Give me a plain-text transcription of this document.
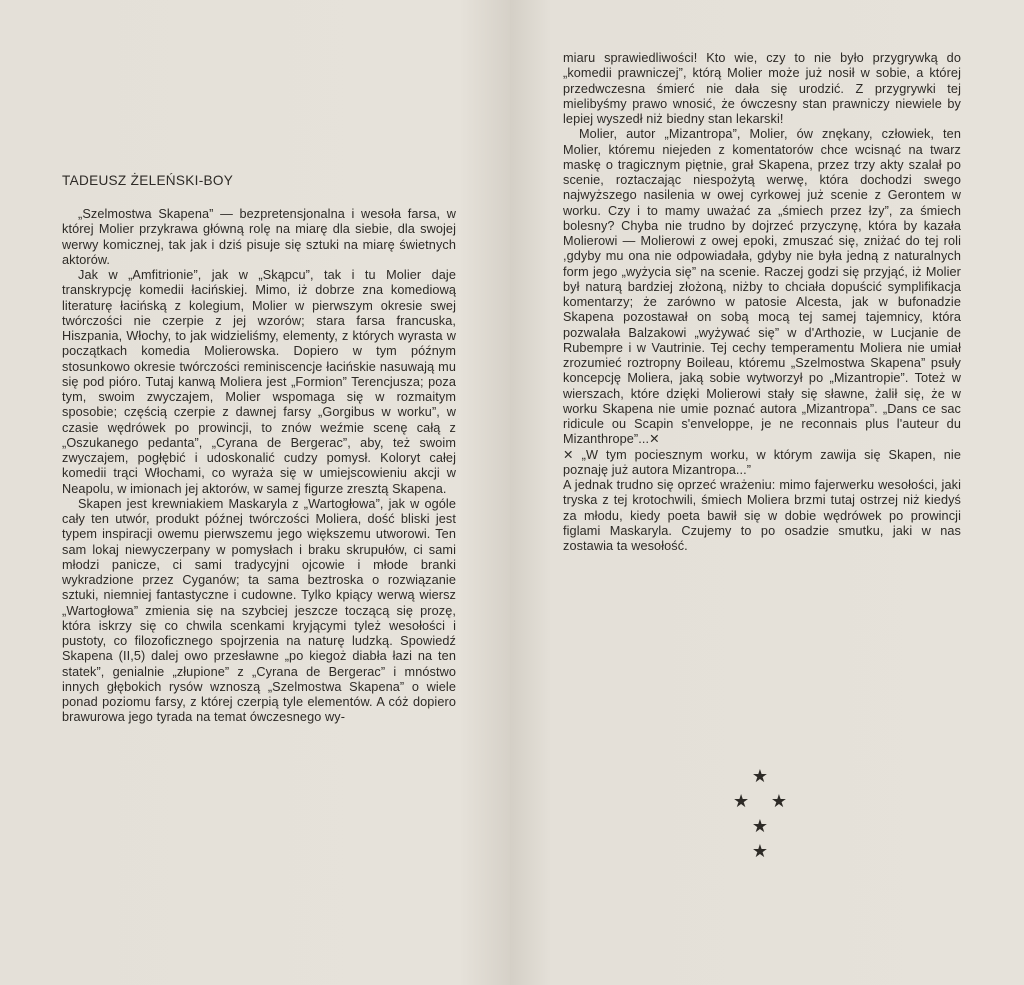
TADEUSZ ŻELEŃSKI-BOY

„Szelmostwa Skapena” — bezpretensjonalna i wesoła farsa, w której Molier przykrawa główną rolę na miarę dla siebie, dla swojej werwy komicznej, tak jak i dziś pisuje się sztuki na miarę świetnych aktorów.

Jak w „Amfitrionie”, jak w „Skąpcu”, tak i tu Molier daje transkrypcję komedii łacińskiej. Mimo, iż dobrze zna komediową literaturę łacińską z kolegium, Molier w pierwszym okresie swej twórczości nie czerpie z jej wzorów; stara farsa francuska, Hiszpania, Włochy, to jak widzieliśmy, elementy, z których wyrasta w początkach komedia Molierowska. Dopiero w tym późnym stosunkowo okresie twórczości reminiscencje łacińskie nasuwają mu się pod pióro. Tutaj kanwą Moliera jest „Formion” Terencjusza; poza tym, swoim zwyczajem, Molier wspomaga się w rozmaitym sposobie; częścią czerpie z dawnej farsy „Gorgibus w worku”, w czasie wędrówek po prowincji, to znów weźmie scenę całą z „Oszukanego pedanta”, „Cyrana de Bergerac”, aby, też swoim zwyczajem, pogłębić i udoskonalić cudzy pomysł. Koloryt całej komedii trąci Włochami, co wyraża się w umiejscowieniu akcji w Neapolu, w imionach jej aktorów, w samej figurze zresztą Skapena.

Skapen jest krewniakiem Maskaryla z „Wartogłowa”, jak w ogóle cały ten utwór, produkt późnej twórczości Moliera, dość bliski jest typem inspiracji owemu pierwszemu jego większemu utworowi. Ten sam lokaj niewyczerpany w pomysłach i braku skrupułów, ci sami młodzi panicze, ci sami tradycyjni ojcowie i młode branki wykradzione przez Cyganów; ta sama beztroska o rozwiązanie sztuki, niemniej fantastyczne i cudowne. Tylko kpiący werwą wiersz „Wartogłowa” zmienia się na szybciej jeszcze toczącą się prozę, która iskrzy się co chwila scenkami kryjącymi tyleż wesołości i pustoty, co filozoficznego spojrzenia na naturę ludzką. Spowiedź Skapena (II,5) dalej owo przesławne „po kiegoż diabła łazi na ten statek”, genialnie „złupione” z „Cyrana de Bergerac” i mnóstwo innych głębokich rysów wznoszą „Szelmostwa Skapena” o wiele ponad poziomu farsy, z której czerpią tyle elementów. A cóż dopiero brawurowa jego tyrada na temat ówczesnego wy-

miaru sprawiedliwości! Kto wie, czy to nie było przygrywką do „komedii prawniczej”, którą Molier może już nosił w sobie, a której przedwczesna śmierć nie dała się urodzić. Z przygrywki tej mielibyśmy prawo wnosić, że ówczesny stan prawniczy niewiele by lepiej wyszedł niż biedny stan lekarski!

Molier, autor „Mizantropa”, Molier, ów znękany, człowiek, ten Molier, któremu niejeden z komentatorów chce wcisnąć na twarz maskę o tragicznym piętnie, grał Skapena, przez trzy akty szalał po scenie, roztaczając niespożytą werwę, która dochodzi swego najwyższego nasilenia w owej cyrkowej już scenie z Gerontem w worku. Czy i to mamy uważać za „śmiech przez łzy”, za śmiech bolesny? Chyba nie trudno by dojrzeć przyczynę, która by kazała Molierowi — Molierowi z owej epoki, zmuszać się, zniżać do tej roli ,gdyby mu ona nie odpowiadała, gdyby nie była jedną z naturalnych form jego „wyżycia się” na scenie. Raczej godzi się przyjąć, iż Molier był naturą bardziej złożoną, niżby to chciała dopuścić symplifikacja komentarzy; że zarówno w patosie Alcesta, jak w bufonadzie Skapena pozostawał on sobą mocą tej samej tajemnicy, która pozwalała Balzakowi „wyżywać się” w d'Arthozie, w Lucjanie de Rubempre i w Vautrinie. Tej cechy temperamentu Moliera nie umiał zrozumieć roztropny Boileau, któremu „Szelmostwa Skapena” psuły koncepcję Moliera, jaką sobie wytworzył po „Mizantropie”. Toteż w wierszach, które dzięki Molierowi stały się sławne, żalił się, że w worku Skapena nie umie poznać autora „Mizantropa”. „Dans ce sac ridicule ou Scapin s'enveloppe, je ne reconnais plus l'auteur du Mizanthrope”...✕

✕ „W tym pociesznym worku, w którym zawija się Skapen, nie poznaję już autora Mizantropa...”

A jednak trudno się oprzeć wrażeniu: mimo fajerwerku wesołości, jaki tryska z tej krotochwili, śmiech Moliera brzmi tutaj ostrzej niż kiedyś za młodu, kiedy poeta bawił się w dobie wędrówek po prowincji figlami Maskaryla. Czujemy to po osadzie smutku, jaki w nas zostawia ta wesołość.

★
★ ★ ★
★
